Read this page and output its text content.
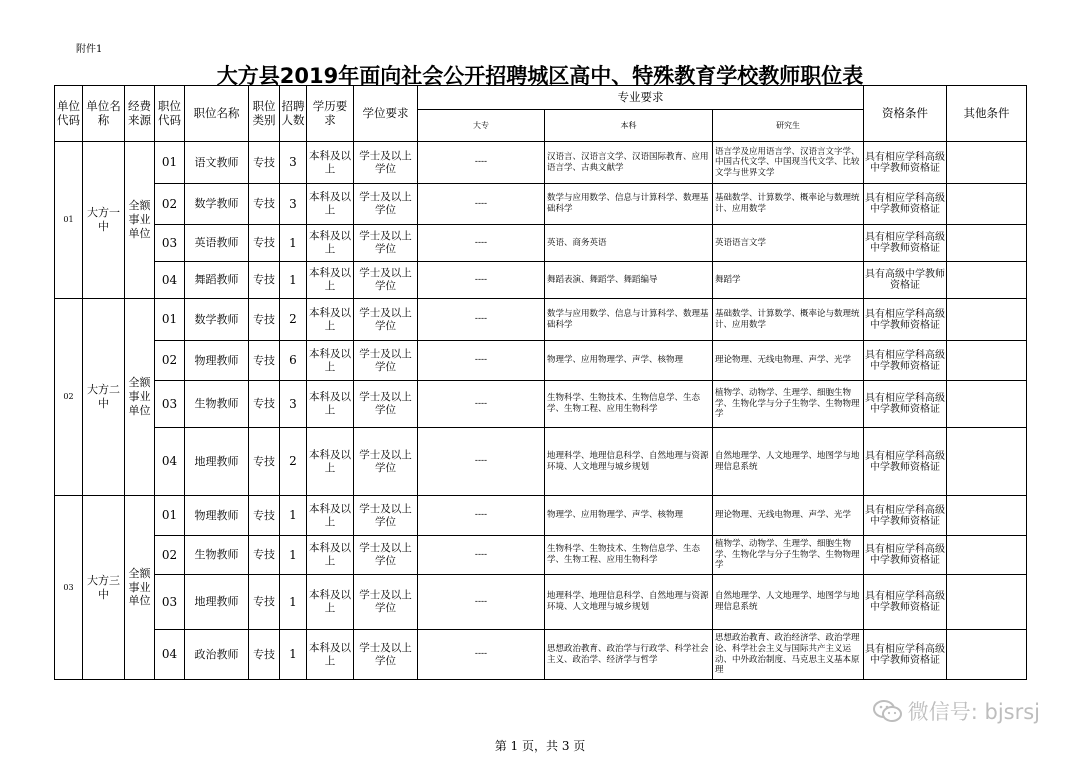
附件1
大方县2019年面向社会公开招聘城区高中、特殊教育学校教师职位表
单位代码	单位名称	经费来源	职位代码	职位名称	职位类别	招聘人数	学历要求	学位要求	专业要求			资格条件	其他条件
									大专	本科	研究生		
01	大方一中	全额事业单位	01	语文教师	专技	3	本科及以上	学士及以上学位	----	汉语言、汉语言文学、汉语国际教育、应用语言学、古典文献学	语言学及应用语言学、汉语言文字学、中国古代文学、中国现当代文学、比较文学与世界文学	具有相应学科高级中学教师资格证	
			02	数学教师	专技	3	本科及以上	学士及以上学位	----	数学与应用数学、信息与计算科学、数理基础科学	基础数学、计算数学、概率论与数理统计、应用数学	具有相应学科高级中学教师资格证	
			03	英语教师	专技	1	本科及以上	学士及以上学位	----	英语、商务英语	英语语言文学	具有相应学科高级中学教师资格证	
			04	舞蹈教师	专技	1	本科及以上	学士及以上学位	----	舞蹈表演、舞蹈学、舞蹈编导	舞蹈学	具有高级中学教师资格证	
02	大方二中	全额事业单位	01	数学教师	专技	2	本科及以上	学士及以上学位	----	数学与应用数学、信息与计算科学、数理基础科学	基础数学、计算数学、概率论与数理统计、应用数学	具有相应学科高级中学教师资格证	
			02	物理教师	专技	6	本科及以上	学士及以上学位	----	物理学、应用物理学、声学、核物理	理论物理、无线电物理、声学、光学	具有相应学科高级中学教师资格证	
			03	生物教师	专技	3	本科及以上	学士及以上学位	----	生物科学、生物技术、生物信息学、生态学、生物工程、应用生物科学	植物学、动物学、生理学、细胞生物学、生物化学与分子生物学、生物物理学	具有相应学科高级中学教师资格证	
			04	地理教师	专技	2	本科及以上	学士及以上学位	----	地理科学、地理信息科学、自然地理与资源环境、人文地理与城乡规划	自然地理学、人文地理学、地图学与地理信息系统	具有相应学科高级中学教师资格证	
03	大方三中	全额事业单位	01	物理教师	专技	1	本科及以上	学士及以上学位	----	物理学、应用物理学、声学、核物理	理论物理、无线电物理、声学、光学	具有相应学科高级中学教师资格证	
			02	生物教师	专技	1	本科及以上	学士及以上学位	----	生物科学、生物技术、生物信息学、生态学、生物工程、应用生物科学	植物学、动物学、生理学、细胞生物学、生物化学与分子生物学、生物物理学	具有相应学科高级中学教师资格证	
			03	地理教师	专技	1	本科及以上	学士及以上学位	----	地理科学、地理信息科学、自然地理与资源环境、人文地理与城乡规划	自然地理学、人文地理学、地图学与地理信息系统	具有相应学科高级中学教师资格证	
			04	政治教师	专技	1	本科及以上	学士及以上学位	----	思想政治教育、政治学与行政学、科学社会主义、政治学、经济学与哲学	思想政治教育、政治经济学、政治学理论、科学社会主义与国际共产主义运动、中外政治制度、马克思主义基本原理	具有相应学科高级中学教师资格证	
微信号: bjsrsj
第 1 页，共 3 页
